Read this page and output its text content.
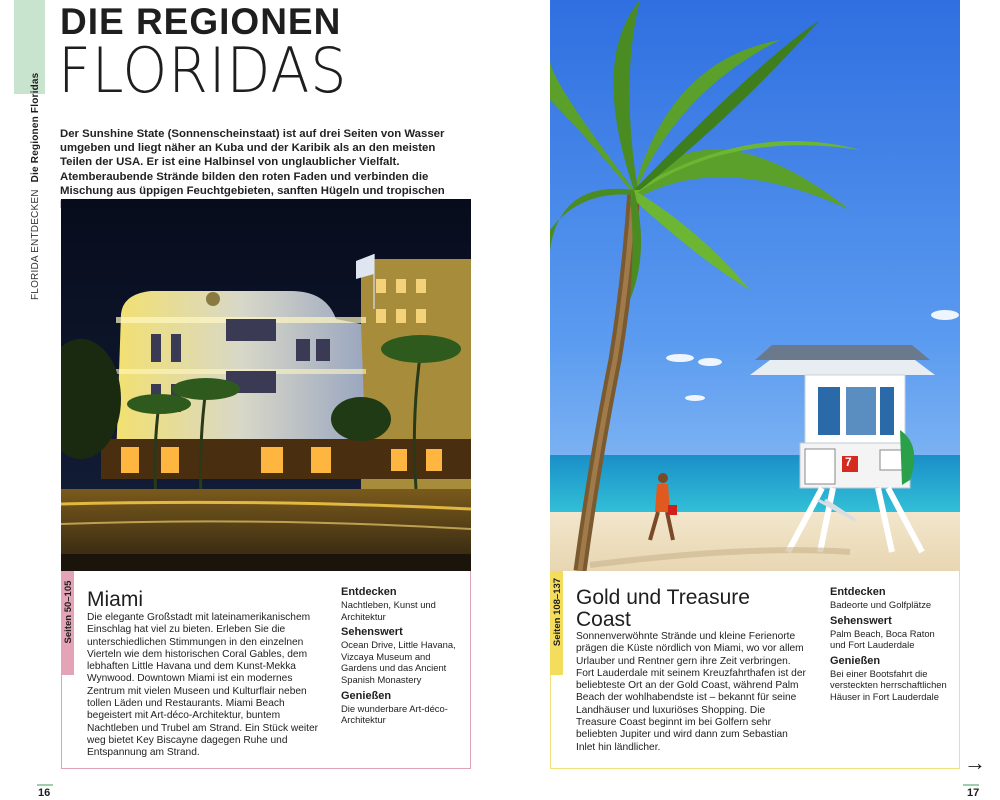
FLORIDA ENTDECKEN Die Regionen Floridas
DIE REGIONEN
FLORIDAS
Der Sunshine State (Sonnenscheinstaat) ist auf drei Seiten von Wasser umgeben und liegt näher an Kuba und der Karibik als an den meisten Teilen der USA. Er ist eine Halbinsel von unglaublicher Vielfalt. Atemberaubende Strände bilden den roten Faden und verbinden die Mischung aus üppigen Feuchtgebieten, sanften Hügeln und tropischen
Seiten 50–105 Miami
Die elegante Großstadt mit lateinamerikanischem Einschlag hat viel zu bieten. Erleben Sie die unterschiedlichen Stimmungen in den einzelnen Vierteln wie dem historischen Coral Gables, dem lebhaften Little Havana und dem Kunst-Mekka Wynwood. Downtown Miami ist ein modernes Zentrum mit vielen Museen und Kulturflair neben tollen Läden und Restaurants. Miami Beach begeistert mit Art-déco-Architektur, buntem Nachtleben und Trubel am Strand. Ein Stück weiter weg bietet Key Biscayne dagegen Ruhe und Entspannung am Strand.
Entdecken

Nachtleben, Kunst und Architektur

Sehenswert

Ocean Drive, Little Havana, Vizcaya Museum and Gardens und das Ancient Spanish Monastery

Genießen

Die wunderbare Art-déco-Architektur

16
7
Seiten 108–137 Gold und Treasure Coast
Sonnenverwöhnte Strände und kleine Ferienorte prägen die Küste nördlich von Miami, wo vor allem Urlauber und Rentner gern ihre Zeit verbringen. Fort Lauderdale mit seinem Kreuzfahrthafen ist der beliebteste Ort an der Gold Coast, während Palm Beach der wohlhabendste ist – bekannt für seine Landhäuser und luxuriöses Shopping. Die Treasure Coast beginnt im bei Golfern sehr beliebten Jupiter und wird dann zum Sebastian Inlet hin ländlicher.
Entdecken

Badeorte und Golfplätze

Sehenswert

Palm Beach, Boca Raton und Fort Lauderdale

Genießen

Bei einer Bootsfahrt die versteckten herrschaftlichen Häuser in Fort Lauderdale

→
17
